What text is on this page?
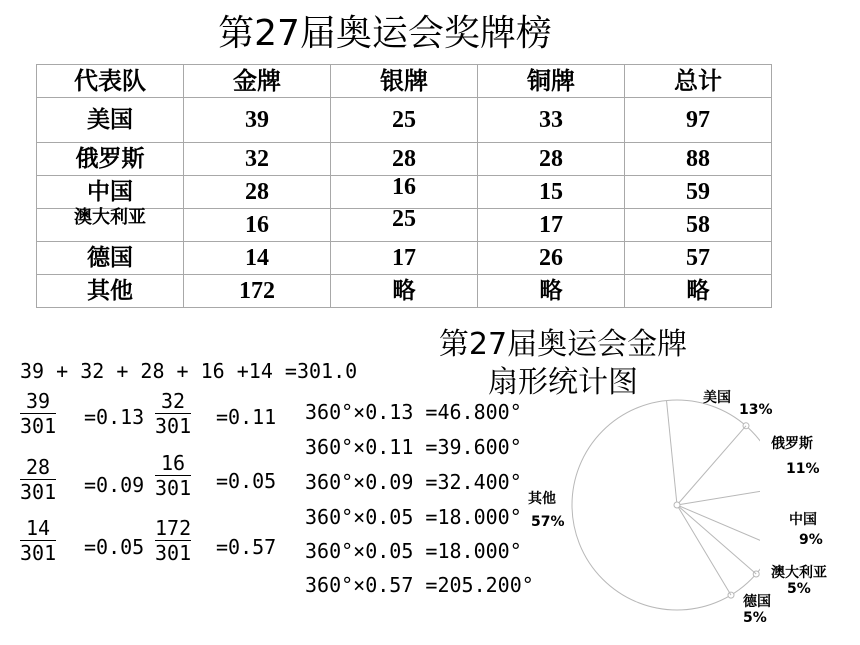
第27届奥运会奖牌榜
代表队	金牌	银牌	铜牌	总计
美国	39	25	33	97
俄罗斯	32	28	28	88
中国	28	16	15	59
澳大利亚	16	25	17	58
德国	14	17	26	57
其他	172	略	略	略
39 + 32 + 28 + 16 +14 =301.0
39
301 =0.13
32
301 =0.11
28
301 =0.09
16
301 =0.05
14
301 =0.05
172
301 =0.57
360°×0.13 =46.800°
360°×0.11 =39.600°
360°×0.09 =32.400°
360°×0.05 =18.000°
360°×0.05 =18.000°
360°×0.57 =205.200°
第27届奥运会金牌
扇形统计图	美国
13%
俄罗斯
11%
中国
9%
澳大利亚
5%
德国
5%
其他
57%
